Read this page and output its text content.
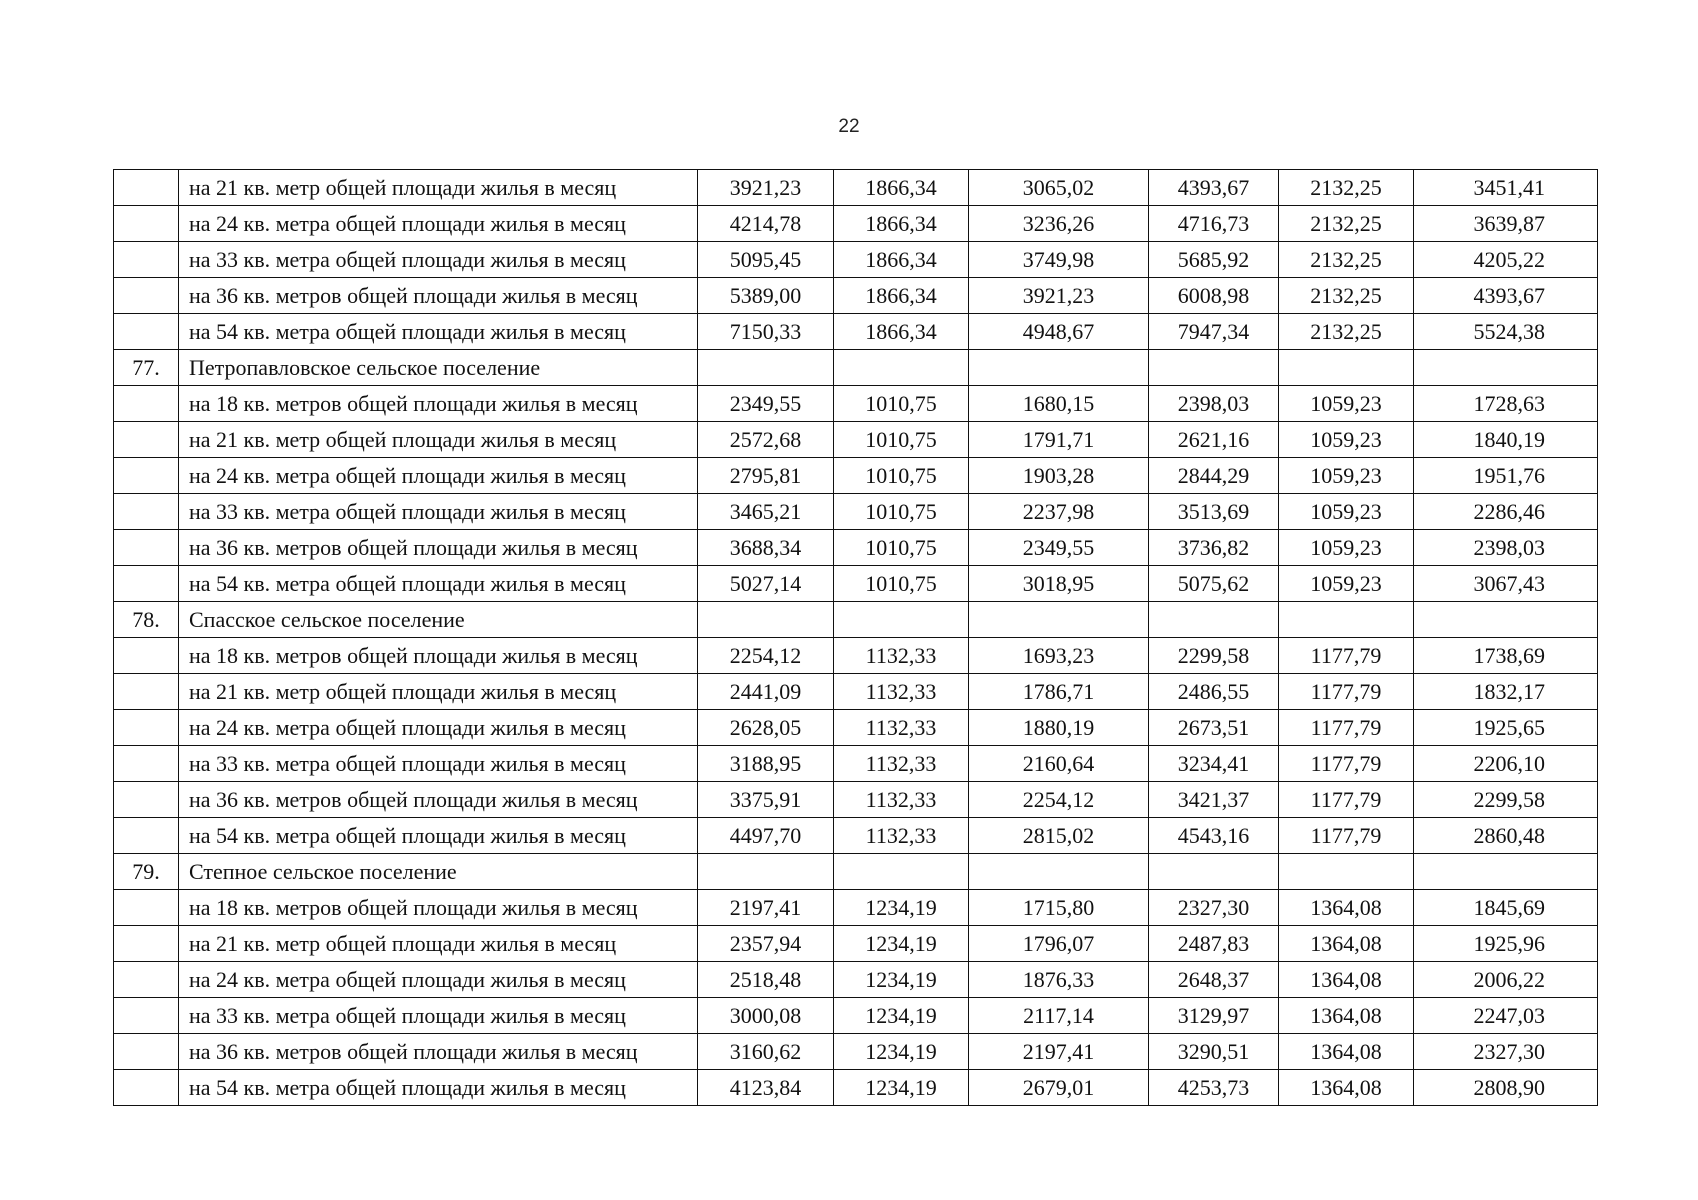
22
	на 21 кв. метр общей площади жилья в месяц	3921,23	1866,34	3065,02	4393,67	2132,25	3451,41
	на 24 кв. метра общей площади жилья в месяц	4214,78	1866,34	3236,26	4716,73	2132,25	3639,87
	на 33 кв. метра общей площади жилья в месяц	5095,45	1866,34	3749,98	5685,92	2132,25	4205,22
	на 36 кв. метров общей площади жилья в месяц	5389,00	1866,34	3921,23	6008,98	2132,25	4393,67
	на 54 кв. метра общей площади жилья в месяц	7150,33	1866,34	4948,67	7947,34	2132,25	5524,38
77.	Петропавловское сельское поселение						
	на 18 кв. метров общей площади жилья в месяц	2349,55	1010,75	1680,15	2398,03	1059,23	1728,63
	на 21 кв. метр общей площади жилья в месяц	2572,68	1010,75	1791,71	2621,16	1059,23	1840,19
	на 24 кв. метра общей площади жилья в месяц	2795,81	1010,75	1903,28	2844,29	1059,23	1951,76
	на 33 кв. метра общей площади жилья в месяц	3465,21	1010,75	2237,98	3513,69	1059,23	2286,46
	на 36 кв. метров общей площади жилья в месяц	3688,34	1010,75	2349,55	3736,82	1059,23	2398,03
	на 54 кв. метра общей площади жилья в месяц	5027,14	1010,75	3018,95	5075,62	1059,23	3067,43
78.	Спасское сельское поселение						
	на 18 кв. метров общей площади жилья в месяц	2254,12	1132,33	1693,23	2299,58	1177,79	1738,69
	на 21 кв. метр общей площади жилья в месяц	2441,09	1132,33	1786,71	2486,55	1177,79	1832,17
	на 24 кв. метра общей площади жилья в месяц	2628,05	1132,33	1880,19	2673,51	1177,79	1925,65
	на 33 кв. метра общей площади жилья в месяц	3188,95	1132,33	2160,64	3234,41	1177,79	2206,10
	на 36 кв. метров общей площади жилья в месяц	3375,91	1132,33	2254,12	3421,37	1177,79	2299,58
	на 54 кв. метра общей площади жилья в месяц	4497,70	1132,33	2815,02	4543,16	1177,79	2860,48
79.	Степное сельское поселение						
	на 18 кв. метров общей площади жилья в месяц	2197,41	1234,19	1715,80	2327,30	1364,08	1845,69
	на 21 кв. метр общей площади жилья в месяц	2357,94	1234,19	1796,07	2487,83	1364,08	1925,96
	на 24 кв. метра общей площади жилья в месяц	2518,48	1234,19	1876,33	2648,37	1364,08	2006,22
	на 33 кв. метра общей площади жилья в месяц	3000,08	1234,19	2117,14	3129,97	1364,08	2247,03
	на 36 кв. метров общей площади жилья в месяц	3160,62	1234,19	2197,41	3290,51	1364,08	2327,30
	на 54 кв. метра общей площади жилья в месяц	4123,84	1234,19	2679,01	4253,73	1364,08	2808,90
